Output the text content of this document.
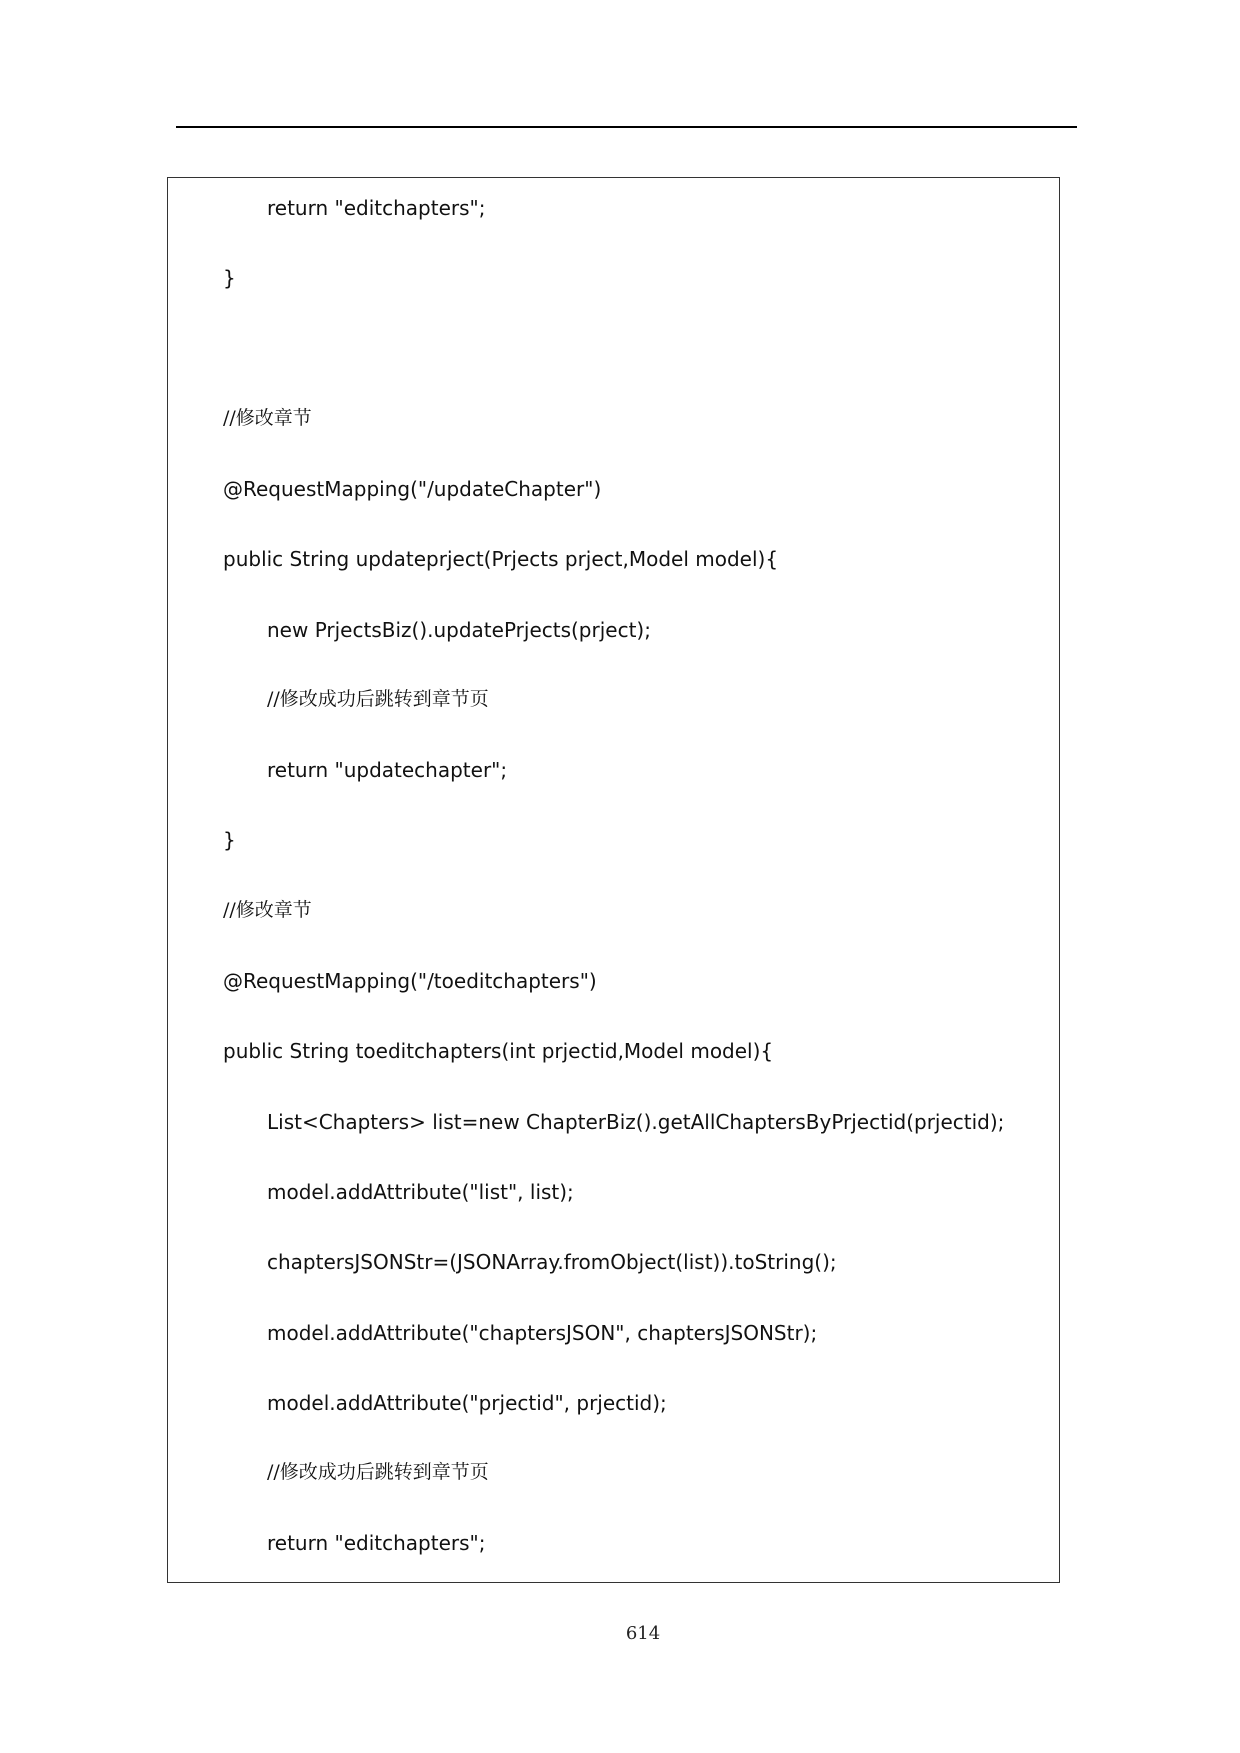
return "editchapters";
}
//修改章节
@RequestMapping("/updateChapter")
public String updateprject(Prjects prject,Model model){
new PrjectsBiz().updatePrjects(prject);
//修改成功后跳转到章节页
return "updatechapter";
}
//修改章节
@RequestMapping("/toeditchapters")
public String toeditchapters(int prjectid,Model model){
List<Chapters> list=new ChapterBiz().getAllChaptersByPrjectid(prjectid);
model.addAttribute("list", list);
chaptersJSONStr=(JSONArray.fromObject(list)).toString();
model.addAttribute("chaptersJSON", chaptersJSONStr);
model.addAttribute("prjectid", prjectid);
//修改成功后跳转到章节页
return "editchapters";
614
